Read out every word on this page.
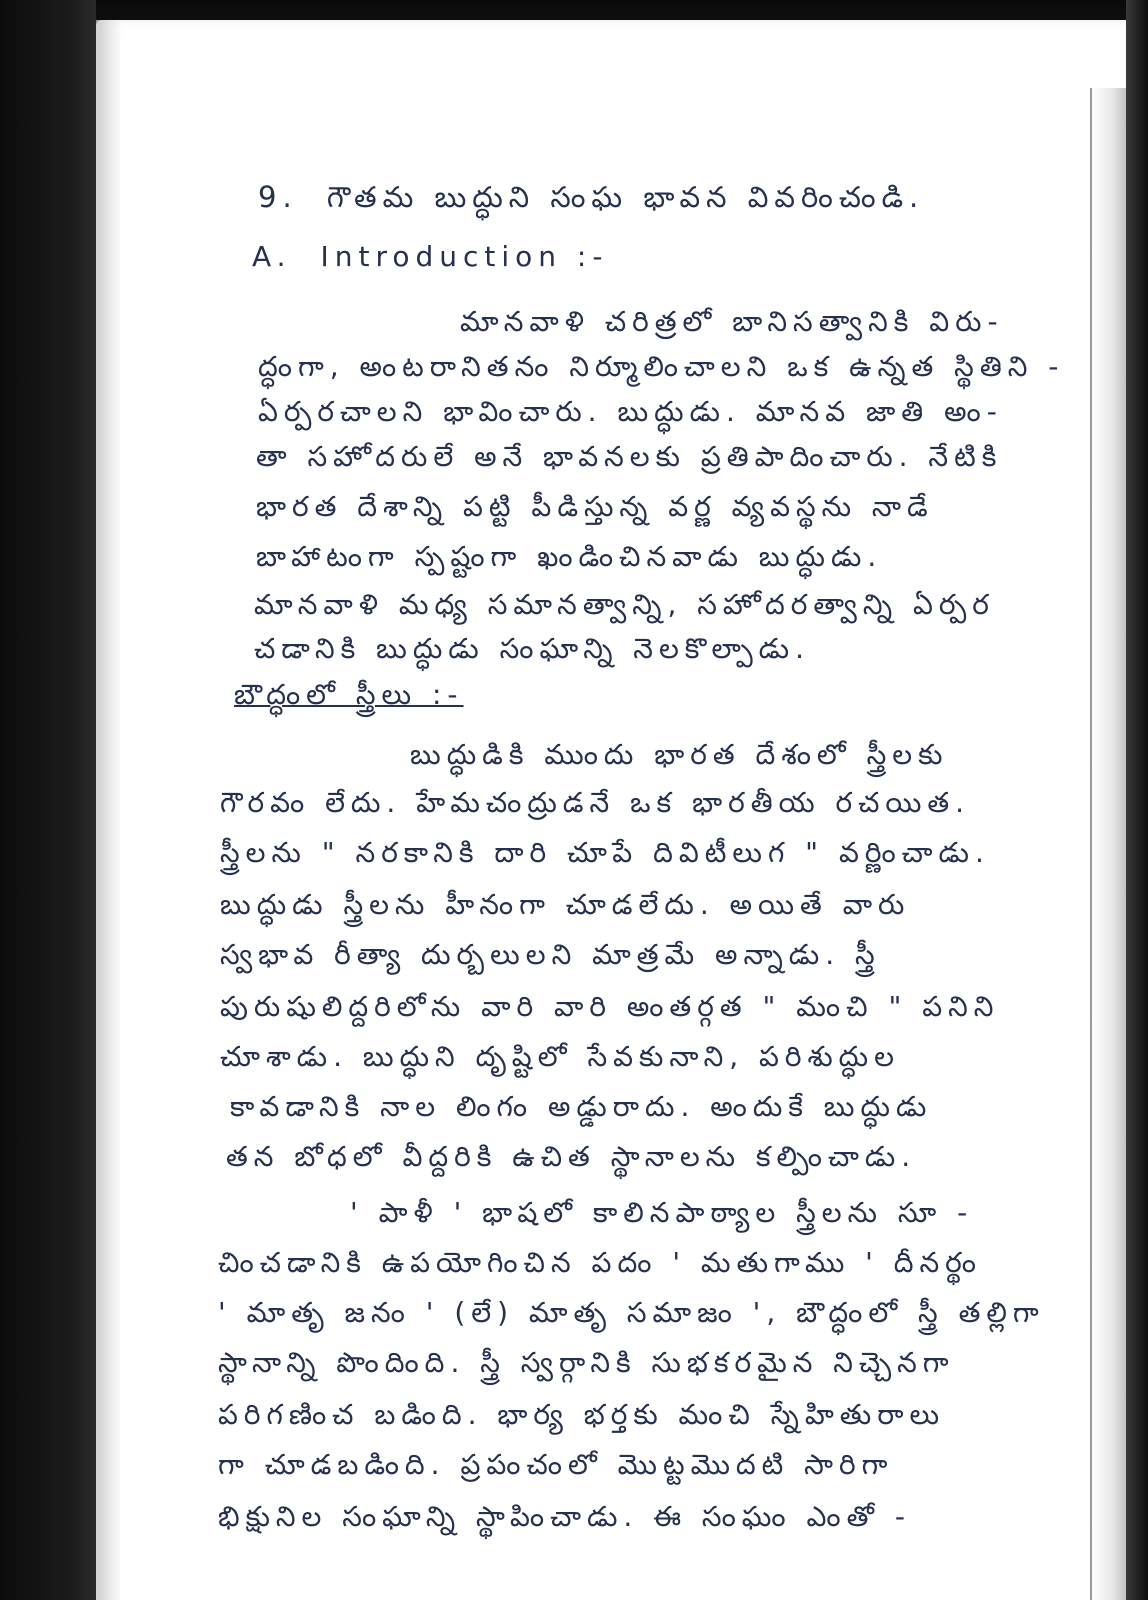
9. గౌతమ బుద్ధుని సంఘ భావన వివరించండి.
A. Introduction :-
మానవాళి చరిత్రలో బానిసత్వానికి విరు-
ద్ధంగా, అంటరానితనం నిర్మూలించాలని ఒక ఉన్నత స్థితిని -
ఏర్పరచాలని భావించారు. బుద్ధుడు. మానవ జాతి అం-
తా సహోదరులే అనే భావనలకు ప్రతిపాదించారు. నేటికి
భారత దేశాన్ని పట్టి పీడిస్తున్న వర్ణ వ్యవస్థను నాడే
బాహాటంగా స్పష్టంగా ఖండించినవాడు బుద్ధుడు.
మానవాళి మధ్య సమానత్వాన్ని, సహోదరత్వాన్ని ఏర్పర
చడానికి బుద్ధుడు సంఘాన్ని నెలకొల్పాడు.
బౌద్ధంలో స్త్రీలు :-
బుద్ధుడికి ముందు భారత దేశంలో స్త్రీలకు
గౌరవం లేదు. హేమచంద్రుడనే ఒక భారతీయ రచయిత.
స్త్రీలను " నరకానికి దారి చూపే దివిటీలుగ " వర్ణించాడు.
బుద్ధుడు స్త్రీలను హీనంగా చూడలేదు. అయితే వారు
స్వభావ రీత్యా దుర్బలులని మాత్రమే అన్నాడు. స్త్రీ
పురుషులిద్దరిలోను వారి వారి అంతర్గత " మంచి " పనిని
చూశాడు. బుద్ధుని దృష్టిలో సేవకునాని, పరిశుద్ధుల
కావడానికి నాల లింగం అడ్డురాదు. అందుకే బుద్ధుడు
తన బోధలో వీద్దరికి ఉచిత స్థానాలను కల్పించాడు.
' పాళీ ' భాషలో కాలినపాఠ్యాల స్త్రీలను సూ -
చించడానికి ఉపయోగించిన పదం ' మతుగాము ' దీనర్థం
' మాతృ జనం ' (లే) మాతృ సమాజం ', బౌద్ధంలో స్త్రీ తల్లిగా
స్థానాన్ని పొందింది. స్త్రీ స్వర్గానికి సుభకరమైన నిచ్చెనగా
పరిగణించ బడింది. భార్య భర్తకు మంచి స్నేహితురాలు
గా చూడబడింది. ప్రపంచంలో మొట్టమొదటి సారిగా
భిక్షునిల సంఘాన్ని స్థాపించాడు. ఈ సంఘం ఎంతో -
